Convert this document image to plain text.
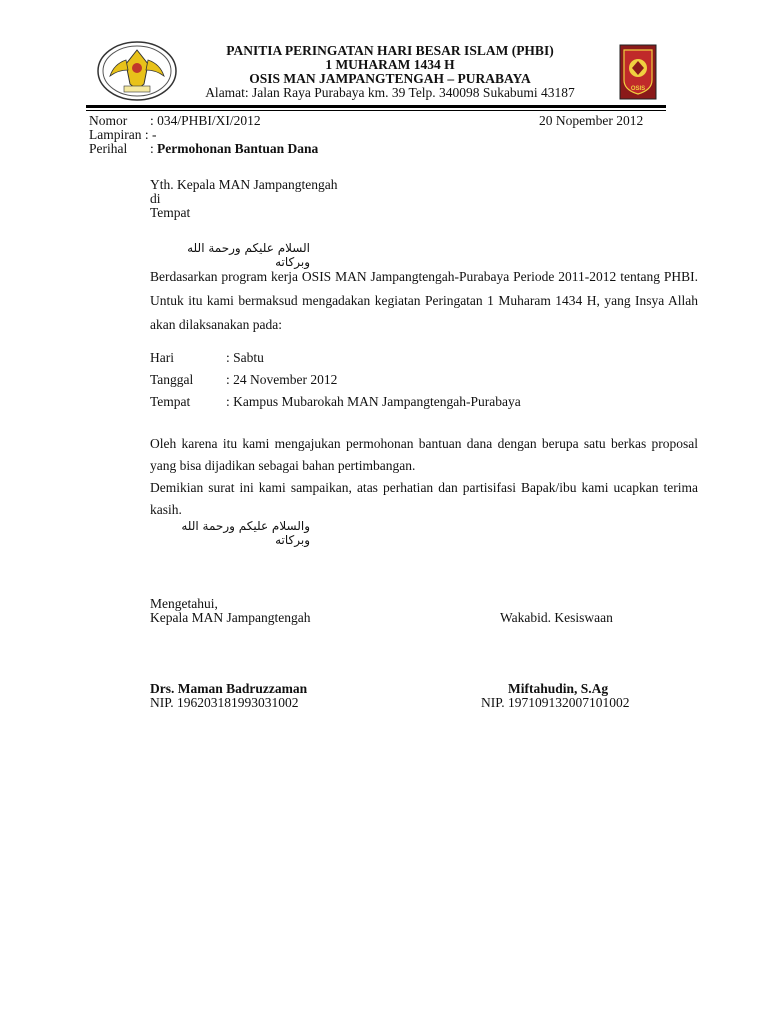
OSIS
PANITIA PERINGATAN HARI BESAR ISLAM (PHBI)
1 MUHARAM 1434 H
OSIS MAN JAMPANGTENGAH – PURABAYA
Alamat: Jalan Raya Purabaya km. 39 Telp. 340098 Sukabumi 43187
Nomor : 034/PHBI/XI/2012	20 Nopember 2012
Lampiran : -
Perihal : Permohonan Bantuan Dana
Yth. Kepala MAN Jampangtengah
di
Tempat
السلام عليكم ورحمة الله وبركاته
Berdasarkan program kerja OSIS MAN Jampangtengah-Purabaya Periode 2011-2012 tentang PHBI. Untuk itu kami bermaksud mengadakan kegiatan Peringatan 1 Muharam 1434 H, yang Insya Allah akan dilaksanakan pada:
Hari	: Sabtu
Tanggal : 24 November 2012
Tempat	: Kampus Mubarokah MAN Jampangtengah-Purabaya
Oleh karena itu kami mengajukan permohonan bantuan dana dengan berupa satu berkas proposal yang bisa dijadikan sebagai bahan pertimbangan.
Demikian surat ini kami sampaikan, atas perhatian dan partisifasi Bapak/ibu kami ucapkan terima kasih.
والسلام عليكم ورحمة الله وبركاته
Mengetahui,
Kepala MAN Jampangtengah	Wakabid. Kesiswaan
Drs. Maman Badruzzaman
NIP. 196203181993031002
Miftahudin, S.Ag
NIP. 197109132007101002
